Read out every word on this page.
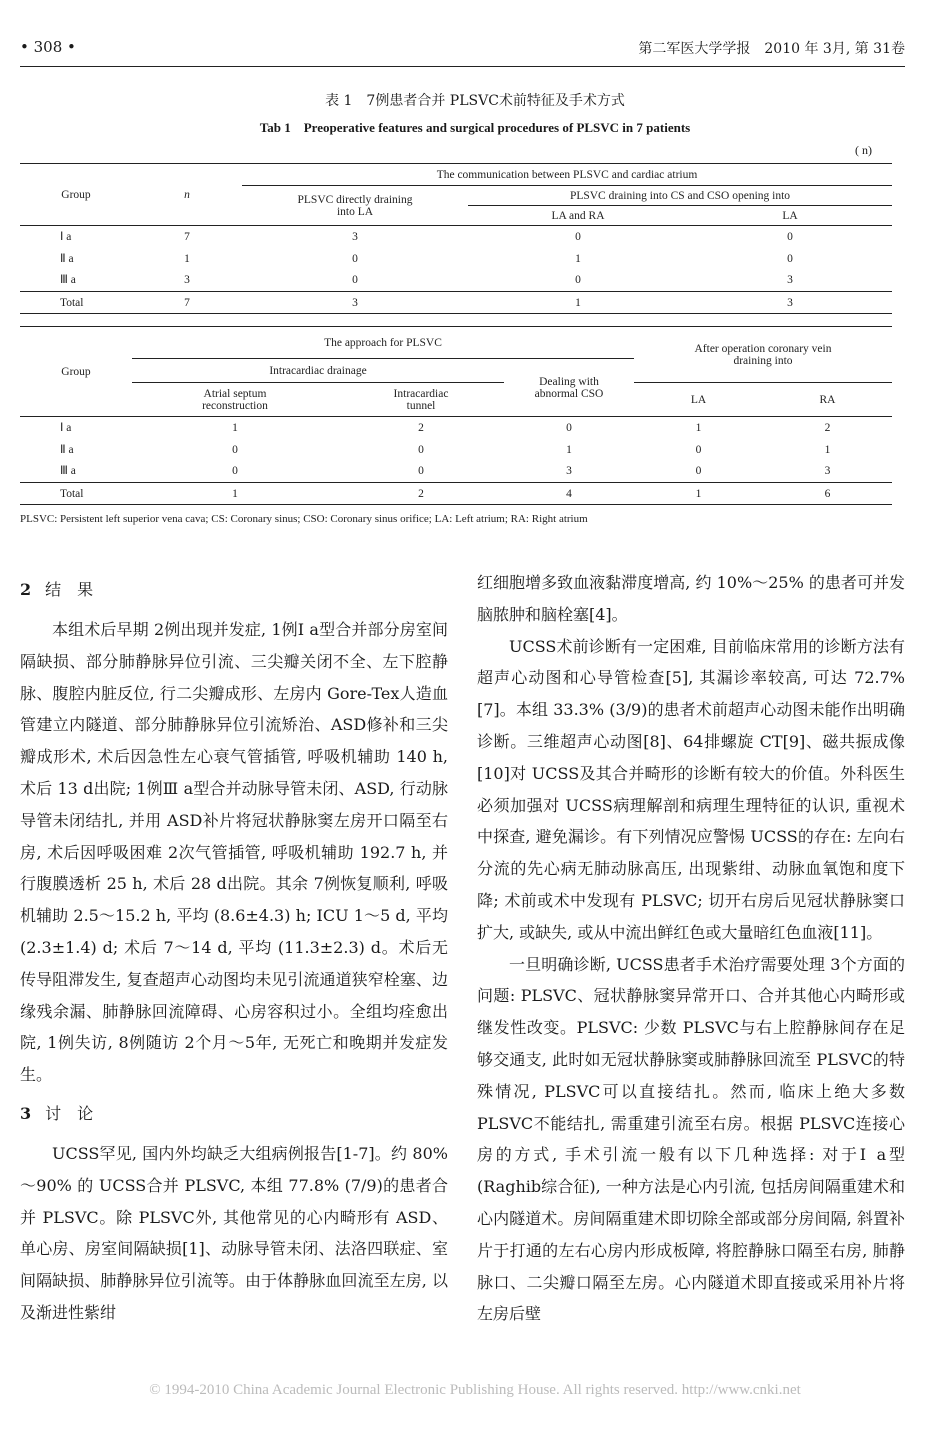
• 308 •	第二军医大学学报　2010 年 3月, 第 31卷
表 1　7例患者合并 PLSVC术前特征及手术方式
Tab 1　Preoperative features and surgical procedures of PLSVC in 7 patients
( n)
Group	n	The communication between PLSVC and cardiac atrium		
		PLSVC directly draining into LA	PLSVC draining into CS and CSO opening into	
			LA and RA	LA
Ⅰ a	7	3	0	0
Ⅱ a	1	0	1	0
Ⅲ a	3	0	0	3
Total	7	3	1	3
Group	The approach for PLSVC			After operation coronary vein draining into	
	Intracardiac drainage		Dealing with abnormal CSO		
	Atrial septum reconstruction	Intracardiac tunnel		LA	RA
Ⅰ a	1	2	0	1	2
Ⅱ a	0	0	1	0	1
Ⅲ a	0	0	3	0	3
Total	1	2	4	1	6
PLSVC: Persistent left superior vena cava; CS: Coronary sinus; CSO: Coronary sinus orifice; LA: Left atrium; RA: Right atrium
2 结　果

本组术后早期 2例出现并发症, 1例Ⅰ a型合并部分房室间隔缺损、部分肺静脉异位引流、三尖瓣关闭不全、左下腔静脉、腹腔内脏反位, 行二尖瓣成形、左房内 Gore-Tex人造血管建立内隧道、部分肺静脉异位引流矫治、ASD修补和三尖瓣成形术, 术后因急性左心衰气管插管, 呼吸机辅助 140 h, 术后 13 d出院; 1例Ⅲ a型合并动脉导管未闭、ASD, 行动脉导管未闭结扎, 并用 ASD补片将冠状静脉窦左房开口隔至右房, 术后因呼吸困难 2次气管插管, 呼吸机辅助 192.7 h, 并行腹膜透析 25 h, 术后 28 d出院。其余 7例恢复顺利, 呼吸机辅助 2.5～15.2 h, 平均 (8.6±4.3) h; ICU 1～5 d, 平均 (2.3±1.4) d; 术后 7～14 d, 平均 (11.3±2.3) d。术后无传导阻滞发生, 复查超声心动图均未见引流通道狭窄栓塞、边缘残余漏、肺静脉回流障碍、心房容积过小。全组均痊愈出院, 1例失访, 8例随访 2个月～5年, 无死亡和晚期并发症发生。

3 讨　论

UCSS罕见, 国内外均缺乏大组病例报告[1-7]。约 80%～90% 的 UCSS合并 PLSVC, 本组 77.8% (7/9)的患者合并 PLSVC。除 PLSVC外, 其他常见的心内畸形有 ASD、单心房、房室间隔缺损[1]、动脉导管未闭、法洛四联症、室间隔缺损、肺静脉异位引流等。由于体静脉血回流至左房, 以及渐进性紫绀

红细胞增多致血液黏滞度增高, 约 10%～25% 的患者可并发脑脓肿和脑栓塞[4]。

UCSS术前诊断有一定困难, 目前临床常用的诊断方法有超声心动图和心导管检查[5], 其漏诊率较高, 可达 72.7% [7]。本组 33.3% (3/9)的患者术前超声心动图未能作出明确诊断。三维超声心动图[8]、64排螺旋 CT[9]、磁共振成像[10]对 UCSS及其合并畸形的诊断有较大的价值。外科医生必须加强对 UCSS病理解剖和病理生理特征的认识, 重视术中探查, 避免漏诊。有下列情况应警惕 UCSS的存在: 左向右分流的先心病无肺动脉高压, 出现紫绀、动脉血氧饱和度下降; 术前或术中发现有 PLSVC; 切开右房后见冠状静脉窦口扩大, 或缺失, 或从中流出鲜红色或大量暗红色血液[11]。

一旦明确诊断, UCSS患者手术治疗需要处理 3个方面的问题: PLSVC、冠状静脉窦异常开口、合并其他心内畸形或继发性改变。PLSVC: 少数 PLSVC与右上腔静脉间存在足够交通支, 此时如无冠状静脉窦或肺静脉回流至 PLSVC的特殊情况, PLSVC可以直接结扎。然而, 临床上绝大多数 PLSVC不能结扎, 需重建引流至右房。根据 PLSVC连接心房的方式, 手术引流一般有以下几种选择: 对于Ⅰ a型 (Raghib综合征), 一种方法是心内引流, 包括房间隔重建术和心内隧道术。房间隔重建术即切除全部或部分房间隔, 斜置补片于打通的左右心房内形成板障, 将腔静脉口隔至右房, 肺静脉口、二尖瓣口隔至左房。心内隧道术即直接或采用补片将左房后壁

© 1994-2010 China Academic Journal Electronic Publishing House. All rights reserved. http://www.cnki.net
